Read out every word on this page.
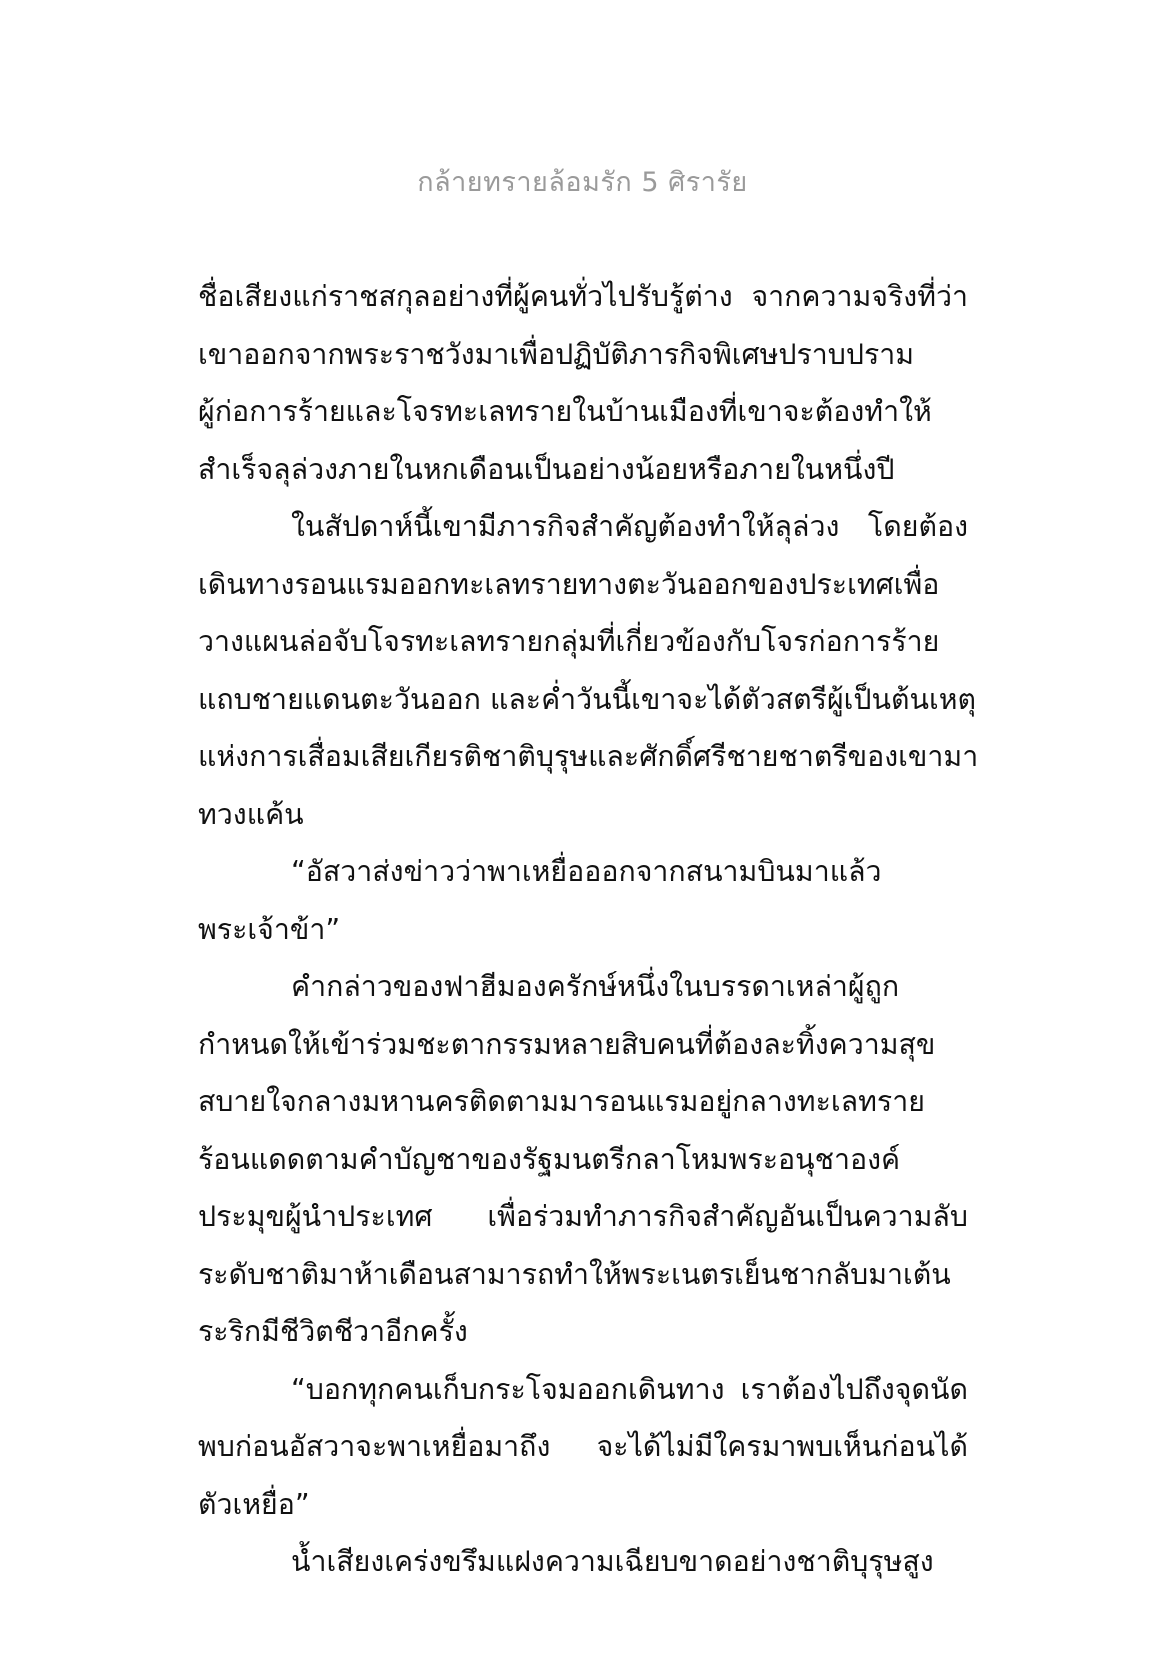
กล้ายทรายล้อมรัก 5 ศิรารัย
ชื่อเสียงแก่ราชสกุลอย่างที่ผู้คนทั่วไปรับรู้ต่าง จากความจริงที่ว่า
เขาออกจากพระราชวังมาเพื่อปฏิบัติภารกิจพิเศษปราบปราม
ผู้ก่อการร้ายและโจรทะเลทรายในบ้านเมืองที่เขาจะต้องทำให้
สำเร็จลุล่วงภายในหกเดือนเป็นอย่างน้อยหรือภายในหนึ่งปี
ในสัปดาห์นี้เขามีภารกิจสำคัญต้องทำให้ลุล่วง โดยต้อง
เดินทางรอนแรมออกทะเลทรายทางตะวันออกของประเทศเพื่อ
วางแผนล่อจับโจรทะเลทรายกลุ่มที่เกี่ยวข้องกับโจรก่อการร้าย
แถบชายแดนตะวันออก และค่ำวันนี้เขาจะได้ตัวสตรีผู้เป็นต้นเหตุ
แห่งการเสื่อมเสียเกียรติชาติบุรุษและศักดิ์ศรีชายชาตรีของเขามา
ทวงแค้น
“อัสวาส่งข่าวว่าพาเหยื่อออกจากสนามบินมาแล้ว
พระเจ้าข้า”
คำกล่าวของฟาฮีมองครักษ์หนึ่งในบรรดาเหล่าผู้ถูก
กำหนดให้เข้าร่วมชะตากรรมหลายสิบคนที่ต้องละทิ้งความสุข
สบายใจกลางมหานครติดตามมารอนแรมอยู่กลางทะเลทราย
ร้อนแดดตามคำบัญชาของรัฐมนตรีกลาโหมพระอนุชาองค์
ประมุขผู้นำประเทศ เพื่อร่วมทำภารกิจสำคัญอันเป็นความลับ
ระดับชาติมาห้าเดือนสามารถทำให้พระเนตรเย็นชากลับมาเต้น
ระริกมีชีวิตชีวาอีกครั้ง
“บอกทุกคนเก็บกระโจมออกเดินทาง เราต้องไปถึงจุดนัด
พบก่อนอัสวาจะพาเหยื่อมาถึง จะได้ไม่มีใครมาพบเห็นก่อนได้
ตัวเหยื่อ”
น้ำเสียงเคร่งขรึมแฝงความเฉียบขาดอย่างชาติบุรุษสูง
